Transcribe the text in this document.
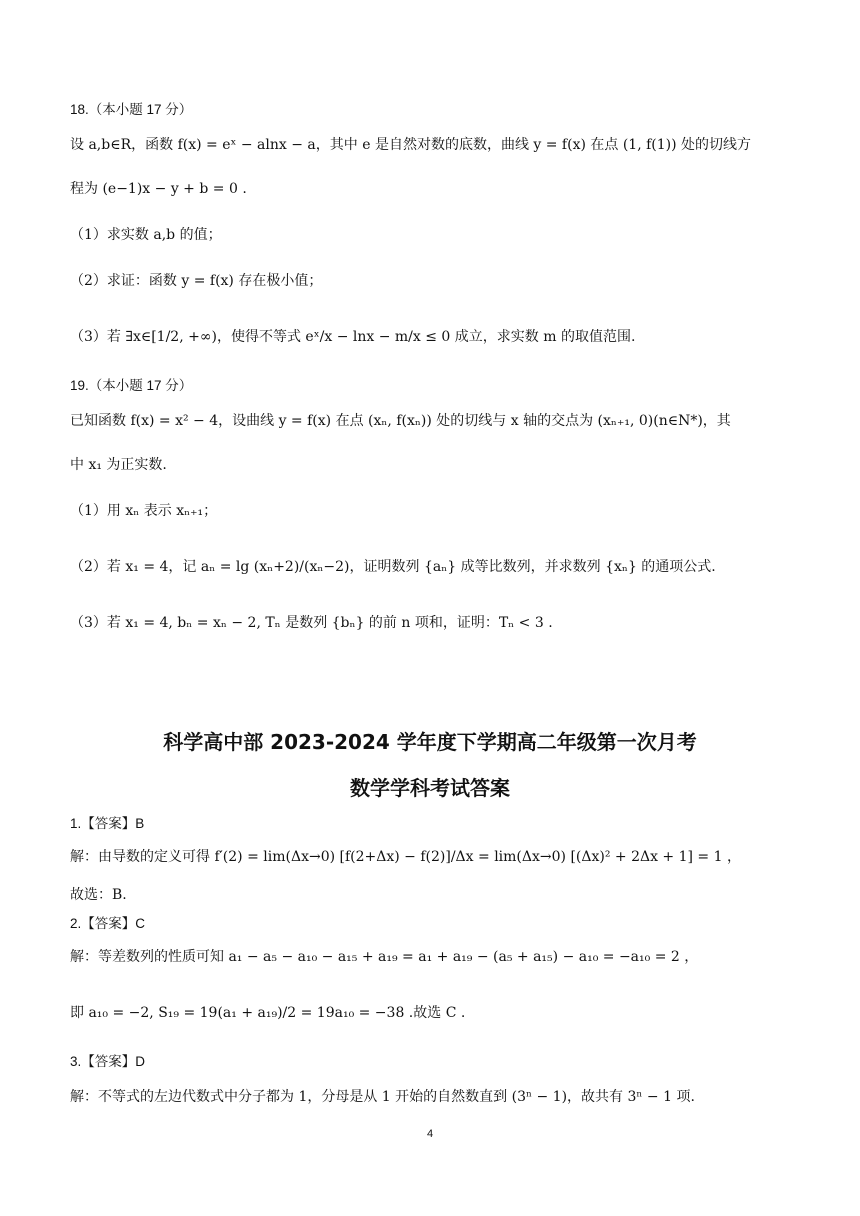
18.（本小题 17 分）
设 a,b∈R，函数 f(x) = eˣ − alnx − a，其中 e 是自然对数的底数，曲线 y = f(x) 在点 (1, f(1)) 处的切线方
程为 (e−1)x − y + b = 0 .
（1）求实数 a,b 的值；
（2）求证：函数 y = f(x) 存在极小值；
（3）若 ∃x∈[1/2, +∞)，使得不等式 eˣ/x − lnx − m/x ≤ 0 成立，求实数 m 的取值范围.
19.（本小题 17 分）
已知函数 f(x) = x² − 4，设曲线 y = f(x) 在点 (xₙ, f(xₙ)) 处的切线与 x 轴的交点为 (xₙ₊₁, 0)(n∈N*)，其
中 x₁ 为正实数.
（1）用 xₙ 表示 xₙ₊₁；
（2）若 x₁ = 4，记 aₙ = lg (xₙ+2)/(xₙ−2)，证明数列 {aₙ} 成等比数列，并求数列 {xₙ} 的通项公式.
（3）若 x₁ = 4, bₙ = xₙ − 2, Tₙ 是数列 {bₙ} 的前 n 项和，证明：Tₙ < 3 .
科学高中部 2023-2024 学年度下学期高二年级第一次月考
数学学科考试答案
1.【答案】B
解：由导数的定义可得 f′(2) = lim(Δx→0) [f(2+Δx) − f(2)]/Δx = lim(Δx→0) [(Δx)² + 2Δx + 1] = 1 ，
故选：B.
2.【答案】C
解：等差数列的性质可知 a₁ − a₅ − a₁₀ − a₁₅ + a₁₉ = a₁ + a₁₉ − (a₅ + a₁₅) − a₁₀ = −a₁₀ = 2 ，
即 a₁₀ = −2, S₁₉ = 19(a₁ + a₁₉)/2 = 19a₁₀ = −38 .故选 C .
3.【答案】D
解：不等式的左边代数式中分子都为 1，分母是从 1 开始的自然数直到 (3ⁿ − 1)，故共有 3ⁿ − 1 项.
4
